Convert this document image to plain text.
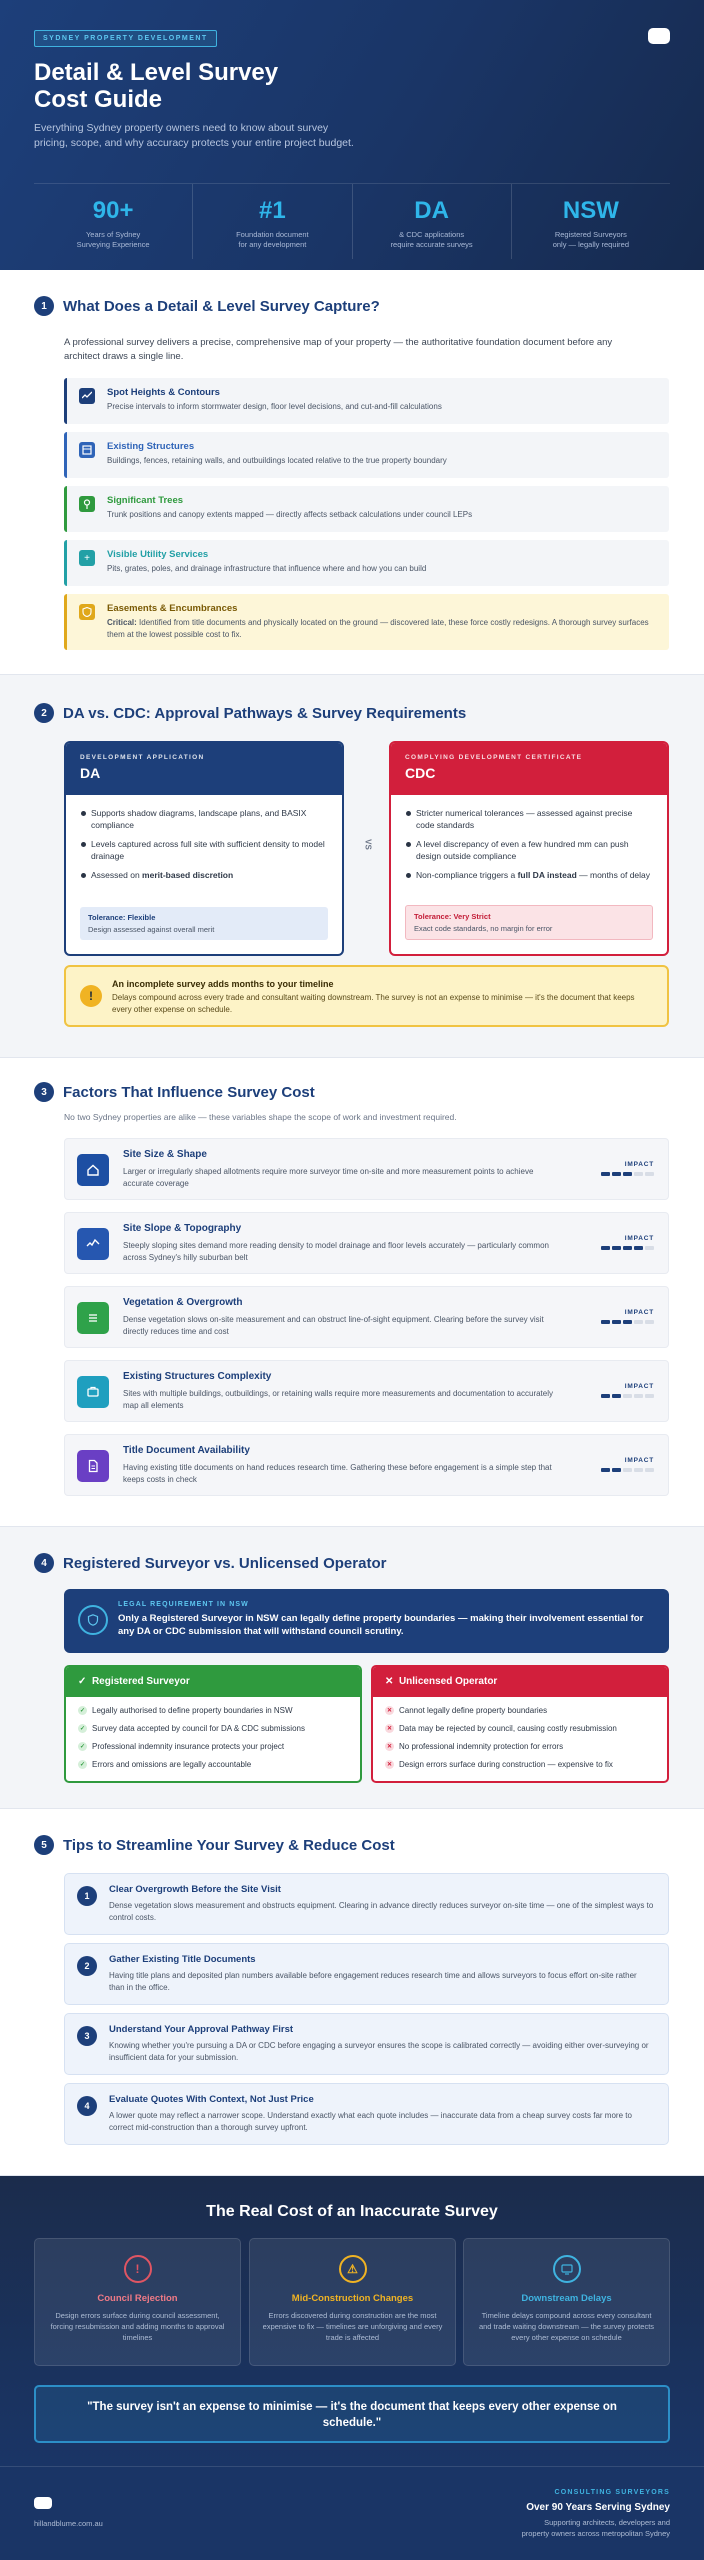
SYDNEY PROPERTY DEVELOPMENT
Detail & Level Survey
Cost Guide

Everything Sydney property owners need to know about survey pricing, scope, and why accuracy protects your entire project budget.

90+
Years of Sydney
Surveying Experience
#1
Foundation document
for any development
DA
& CDC applications
require accurate surveys
NSW
Registered Surveyors
only — legally required
1	What Does a Detail & Level Survey Capture?

A professional survey delivers a precise, comprehensive map of your property — the authoritative foundation document before any architect draws a single line.

Spot Heights & Contours
Precise intervals to inform stormwater design, floor level decisions, and cut-and-fill calculations
Existing Structures
Buildings, fences, retaining walls, and outbuildings located relative to the true property boundary
Significant Trees
Trunk positions and canopy extents mapped — directly affects setback calculations under council LEPs
+	Visible Utility Services
Pits, grates, poles, and drainage infrastructure that influence where and how you can build
Easements & Encumbrances
Critical: Identified from title documents and physically located on the ground — discovered late, these force costly redesigns. A thorough survey surfaces them at the lowest possible cost to fix.
2	DA vs. CDC: Approval Pathways & Survey Requirements
DEVELOPMENT APPLICATION
DA
Supports shadow diagrams, landscape plans, and BASIX compliance
Levels captured across full site with sufficient density to model drainage
Assessed on merit-based discretion
Tolerance: Flexible
Design assessed against overall merit
VS
COMPLYING DEVELOPMENT CERTIFICATE
CDC
Stricter numerical tolerances — assessed against precise code standards
A level discrepancy of even a few hundred mm can push design outside compliance
Non-compliance triggers a full DA instead — months of delay
Tolerance: Very Strict
Exact code standards, no margin for error
!
An incomplete survey adds months to your timeline
Delays compound across every trade and consultant waiting downstream. The survey is not an expense to minimise — it's the document that keeps every other expense on schedule.
3	Factors That Influence Survey Cost

No two Sydney properties are alike — these variables shape the scope of work and investment required.

Site Size & Shape
Larger or irregularly shaped allotments require more surveyor time on-site and more measurement points to achieve accurate coverage
IMPACT
Site Slope & Topography
Steeply sloping sites demand more reading density to model drainage and floor levels accurately — particularly common across Sydney's hilly suburban belt
IMPACT
Vegetation & Overgrowth
Dense vegetation slows on-site measurement and can obstruct line-of-sight equipment. Clearing before the survey visit directly reduces time and cost
IMPACT
Existing Structures Complexity
Sites with multiple buildings, outbuildings, or retaining walls require more measurements and documentation to accurately map all elements
IMPACT
Title Document Availability
Having existing title documents on hand reduces research time. Gathering these before engagement is a simple step that keeps costs in check
IMPACT
4	Registered Surveyor vs. Unlicensed Operator
LEGAL REQUIREMENT IN NSW
Only a Registered Surveyor in NSW can legally define property boundaries — making their involvement essential for any DA or CDC submission that will withstand council scrutiny.
✓ Registered Surveyor
✓ Legally authorised to define property boundaries in NSW
✓ Survey data accepted by council for DA & CDC submissions
✓ Professional indemnity insurance protects your project
✓ Errors and omissions are legally accountable
✕ Unlicensed Operator
✕ Cannot legally define property boundaries
✕ Data may be rejected by council, causing costly resubmission
✕ No professional indemnity protection for errors
✕ Design errors surface during construction — expensive to fix
5	Tips to Streamline Your Survey & Reduce Cost
1
Clear Overgrowth Before the Site Visit
Dense vegetation slows measurement and obstructs equipment. Clearing in advance directly reduces surveyor on-site time — one of the simplest ways to control costs.
2
Gather Existing Title Documents
Having title plans and deposited plan numbers available before engagement reduces research time and allows surveyors to focus effort on-site rather than in the office.
3
Understand Your Approval Pathway First
Knowing whether you're pursuing a DA or CDC before engaging a surveyor ensures the scope is calibrated correctly — avoiding either over-surveying or insufficient data for your submission.
4
Evaluate Quotes With Context, Not Just Price
A lower quote may reflect a narrower scope. Understand exactly what each quote includes — inaccurate data from a cheap survey costs far more to correct mid-construction than a thorough survey upfront.
The Real Cost of an Inaccurate Survey
!
Council Rejection
Design errors surface during council assessment, forcing resubmission and adding months to approval timelines
⚠
Mid-Construction Changes
Errors discovered during construction are the most expensive to fix — timelines are unforgiving and every trade is affected
Downstream Delays
Timeline delays compound across every consultant and trade waiting downstream — the survey protects every other expense on schedule
"The survey isn't an expense to minimise — it's the document that keeps every other expense on schedule."
hillandblume.com.au
CONSULTING SURVEYORS
Over 90 Years Serving Sydney
Supporting architects, developers and
property owners across metropolitan Sydney
